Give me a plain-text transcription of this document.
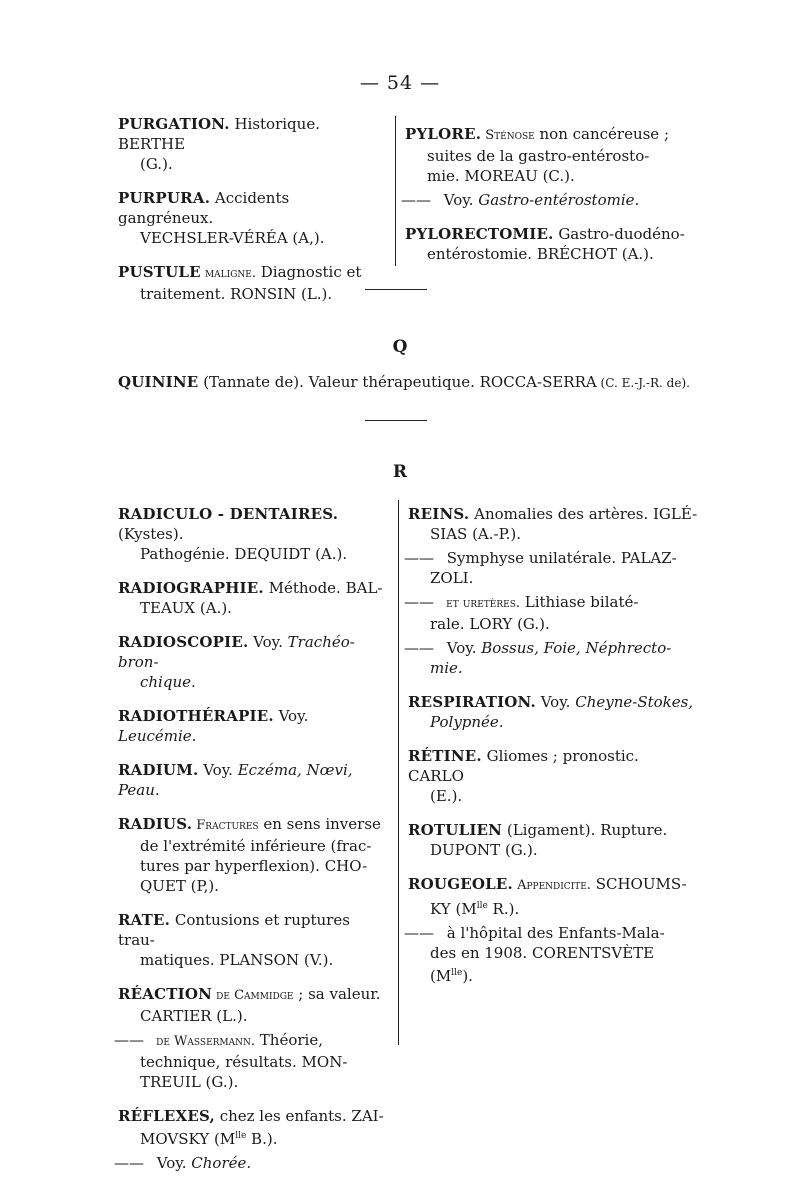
— 54 —
PURGATION. Historique. BERTHE
(G.).
PURPURA. Accidents gangréneux.
VECHSLER-VÉRÉA (A,).
PUSTULE maligne. Diagnostic et
traitement. RONSIN (L.).
PYLORE. Sténose non cancéreuse ;
suites de la gastro-entérosto-
mie. MOREAU (C.).
—— Voy. Gastro-entérostomie.
PYLORECTOMIE. Gastro-duodéno-
entérostomie. BRÉCHOT (A.).
Q
QUININE (Tannate de). Valeur thérapeutique. ROCCA-SERRA (C. E.-J.-R. de).
R
RADICULO - DENTAIRES. (Kystes).
Pathogénie. DEQUIDT (A.).
RADIOGRAPHIE. Méthode. BAL-
TEAUX (A.).
RADIOSCOPIE. Voy. Trachéo-bron-
chique.
RADIOTHÉRAPIE. Voy. Leucémie.
RADIUM. Voy. Eczéma, Nœvi, Peau.
RADIUS. Fractures en sens inverse
de l'extrémité inférieure (frac-
tures par hyperflexion). CHO-
QUET (P,).
RATE. Contusions et ruptures trau-
matiques. PLANSON (V.).
RÉACTION de Cammidge ; sa valeur.
CARTIER (L.).
—— de Wassermann. Théorie,
technique, résultats. MON-
TREUIL (G.).
RÉFLEXES, chez les enfants. ZAI-
MOVSKY ($M^{lle}$ B.).
—— Voy. Chorée.
REINS. Anomalies des artères. IGLÉ-
SIAS (A.-P.).
—— Symphyse unilatérale. PALAZ-
ZOLI.
—— et uretères. Lithiase bilaté-
rale. LORY (G.).
—— Voy. Bossus, Foie, Néphrecto-
mie.
RESPIRATION. Voy. Cheyne-Stokes,
Polypnée.
RÉTINE. Gliomes ; pronostic. CARLO
(E.).
ROTULIEN (Ligament). Rupture.
DUPONT (G.).
ROUGEOLE. Appendicite. SCHOUMS-
KY ($M^{lle}$ R.).
—— à l'hôpital des Enfants-Mala-
des en 1908. CORENTSVÈTE
$(M^{lle})$.
